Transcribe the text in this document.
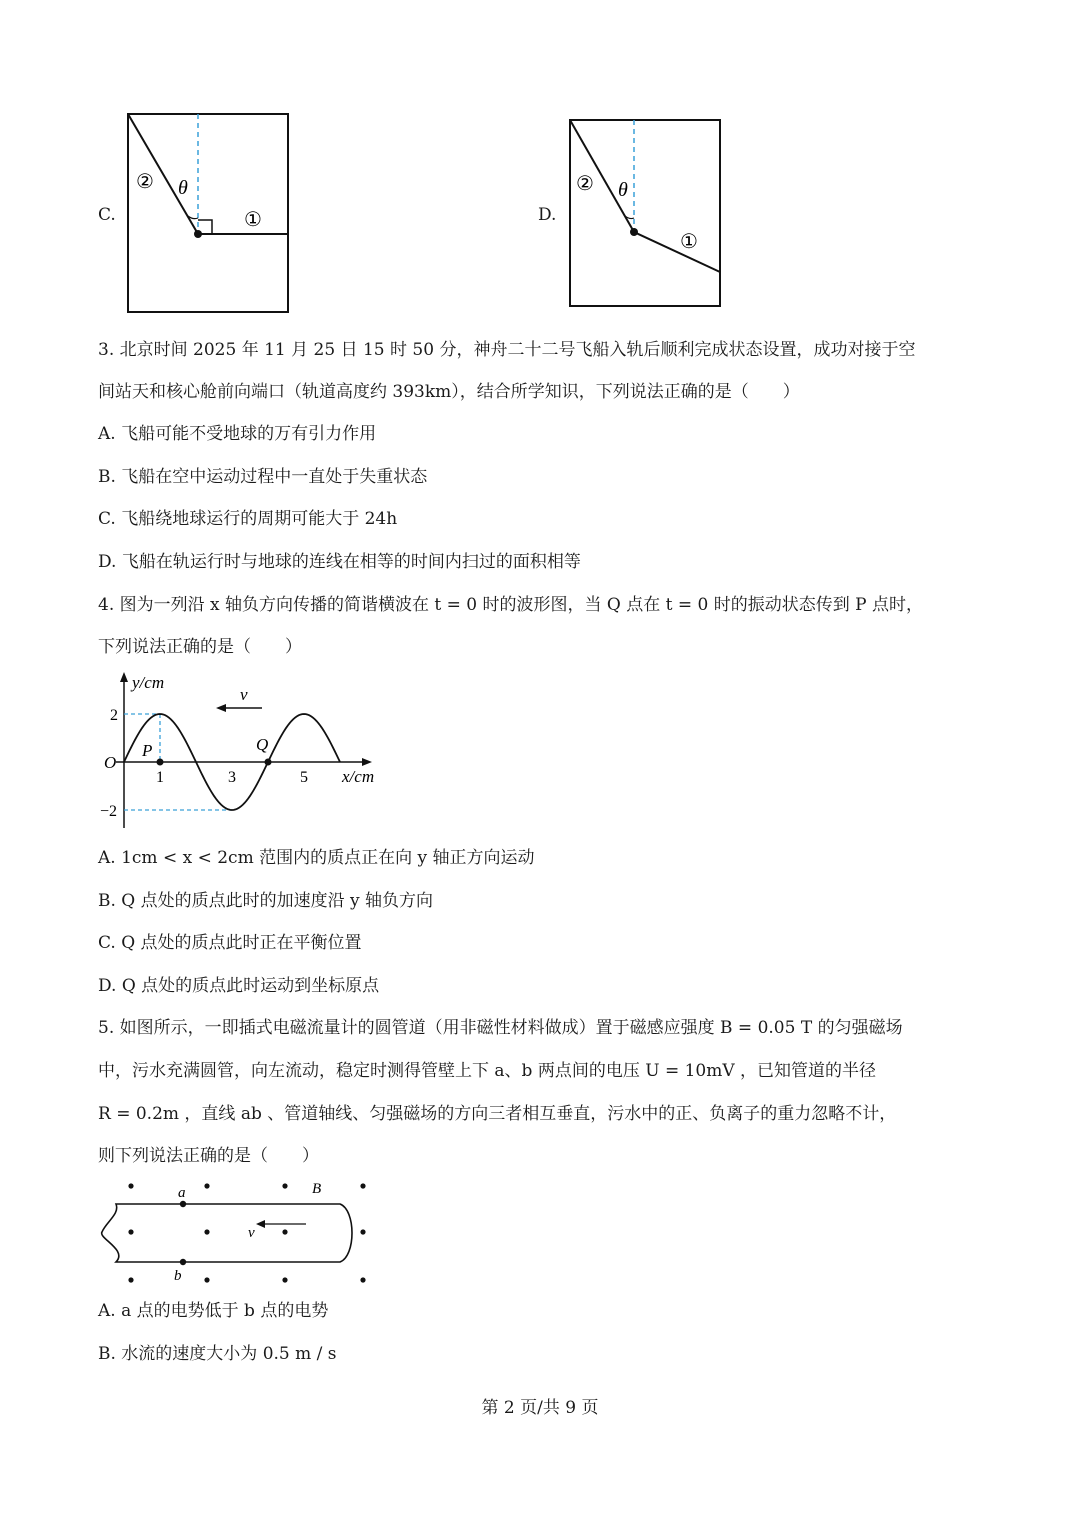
C.
② θ
①	D.
② θ
①
3. 北京时间 2025 年 11 月 25 日 15 时 50 分，神舟二十二号飞船入轨后顺利完成状态设置，成功对接于空
间站天和核心舱前向端口（轨道高度约 393km），结合所学知识，下列说法正确的是（　　）
A. 飞船可能不受地球的万有引力作用
B. 飞船在空中运动过程中一直处于失重状态
C. 飞船绕地球运行的周期可能大于 24h
D. 飞船在轨运行时与地球的连线在相等的时间内扫过的面积相等
4. 图为一列沿 x 轴负方向传播的简谐横波在 t = 0 时的波形图，当 Q 点在 t = 0 时的振动状态传到 P 点时，
下列说法正确的是（　　）
y/cm
x/cm
O
2
−2
1	3	5
P	Q
v
A. 1cm < x < 2cm 范围内的质点正在向 y 轴正方向运动
B. Q 点处的质点此时的加速度沿 y 轴负方向
C. Q 点处的质点此时正在平衡位置
D. Q 点处的质点此时运动到坐标原点
5. 如图所示，一即插式电磁流量计的圆管道（用非磁性材料做成）置于磁感应强度 B = 0.05 T 的匀强磁场
中，污水充满圆管，向左流动，稳定时测得管壁上下 a、b 两点间的电压 U = 10mV ，已知管道的半径
R = 0.2m ，直线 ab 、管道轴线、匀强磁场的方向三者相互垂直，污水中的正、负离子的重力忽略不计，
则下列说法正确的是（　　）
a
b
B
v
A. a 点的电势低于 b 点的电势
B. 水流的速度大小为 0.5 m / s
第 2 页/共 9 页
